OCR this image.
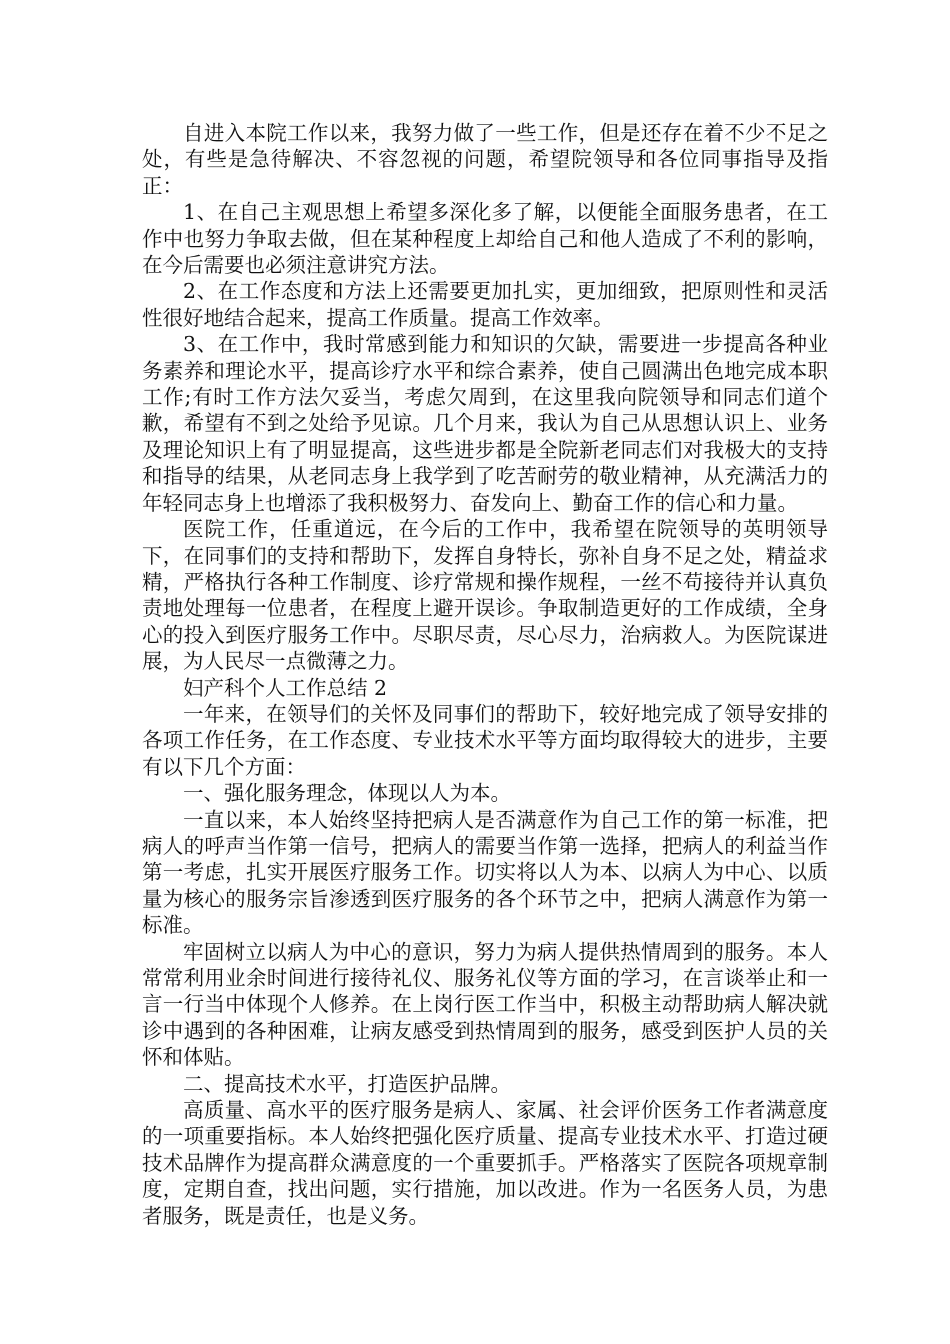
自进入本院工作以来，我努力做了一些工作，但是还存在着不少不足之处，有些是急待解决、不容忽视的问题，希望院领导和各位同事指导及指正：

1、在自己主观思想上希望多深化多了解，以便能全面服务患者，在工作中也努力争取去做，但在某种程度上却给自己和他人造成了不利的影响，在今后需要也必须注意讲究方法。

2、在工作态度和方法上还需要更加扎实，更加细致，把原则性和灵活性很好地结合起来，提高工作质量。提高工作效率。

3、在工作中，我时常感到能力和知识的欠缺，需要进一步提高各种业务素养和理论水平，提高诊疗水平和综合素养，使自己圆满出色地完成本职工作;有时工作方法欠妥当，考虑欠周到，在这里我向院领导和同志们道个歉，希望有不到之处给予见谅。几个月来，我认为自己从思想认识上、业务及理论知识上有了明显提高，这些进步都是全院新老同志们对我极大的支持和指导的结果，从老同志身上我学到了吃苦耐劳的敬业精神，从充满活力的年轻同志身上也增添了我积极努力、奋发向上、勤奋工作的信心和力量。

医院工作，任重道远，在今后的工作中，我希望在院领导的英明领导下，在同事们的支持和帮助下，发挥自身特长，弥补自身不足之处，精益求精，严格执行各种工作制度、诊疗常规和操作规程，一丝不苟接待并认真负责地处理每一位患者，在程度上避开误诊。争取制造更好的工作成绩，全身心的投入到医疗服务工作中。尽职尽责，尽心尽力，治病救人。为医院谋进展，为人民尽一点微薄之力。

妇产科个人工作总结 2

一年来，在领导们的关怀及同事们的帮助下，较好地完成了领导安排的各项工作任务，在工作态度、专业技术水平等方面均取得较大的进步，主要有以下几个方面：

一、强化服务理念，体现以人为本。

一直以来，本人始终坚持把病人是否满意作为自己工作的第一标准，把病人的呼声当作第一信号，把病人的需要当作第一选择，把病人的利益当作第一考虑，扎实开展医疗服务工作。切实将以人为本、以病人为中心、以质量为核心的服务宗旨渗透到医疗服务的各个环节之中，把病人满意作为第一标准。

牢固树立以病人为中心的意识，努力为病人提供热情周到的服务。本人常常利用业余时间进行接待礼仪、服务礼仪等方面的学习，在言谈举止和一言一行当中体现个人修养。在上岗行医工作当中，积极主动帮助病人解决就诊中遇到的各种困难，让病友感受到热情周到的服务，感受到医护人员的关怀和体贴。

二、提高技术水平，打造医护品牌。

高质量、高水平的医疗服务是病人、家属、社会评价医务工作者满意度的一项重要指标。本人始终把强化医疗质量、提高专业技术水平、打造过硬技术品牌作为提高群众满意度的一个重要抓手。严格落实了医院各项规章制度，定期自查，找出问题，实行措施，加以改进。作为一名医务人员，为患者服务，既是责任，也是义务。
